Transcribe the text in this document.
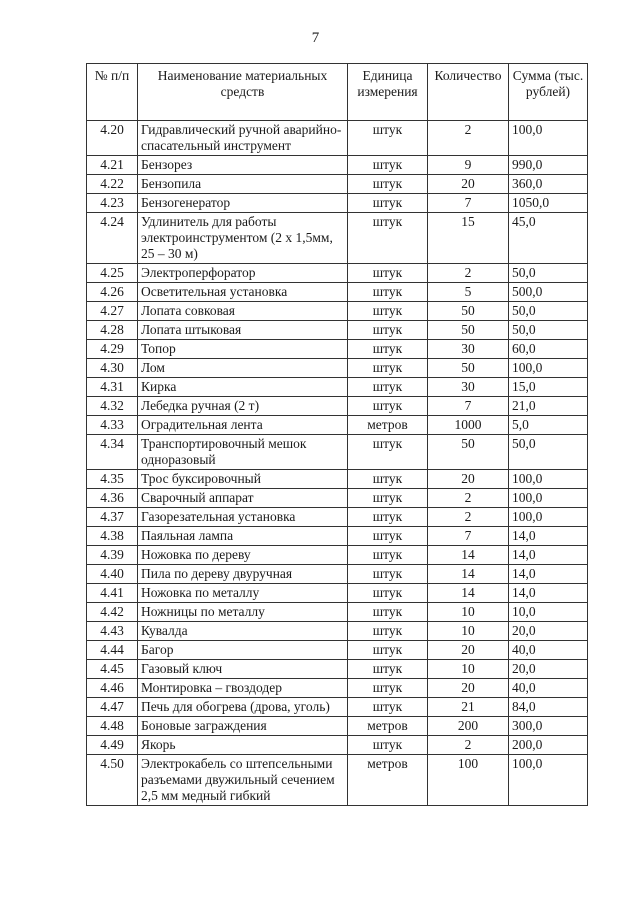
7
№ п/п	Наименование материальных средств	Единица измерения	Количество	Сумма (тыс. рублей)
4.20	Гидравлический ручной аварийно-спасательный инструмент	штук	2	100,0
4.21	Бензорез	штук	9	990,0
4.22	Бензопила	штук	20	360,0
4.23	Бензогенератор	штук	7	1050,0
4.24	Удлинитель для работы электроинструментом (2 х 1,5мм, 25 – 30 м)	штук	15	45,0
4.25	Электроперфоратор	штук	2	50,0
4.26	Осветительная установка	штук	5	500,0
4.27	Лопата совковая	штук	50	50,0
4.28	Лопата штыковая	штук	50	50,0
4.29	Топор	штук	30	60,0
4.30	Лом	штук	50	100,0
4.31	Кирка	штук	30	15,0
4.32	Лебедка ручная (2 т)	штук	7	21,0
4.33	Оградительная лента	метров	1000	5,0
4.34	Транспортировочный мешок одноразовый	штук	50	50,0
4.35	Трос буксировочный	штук	20	100,0
4.36	Сварочный аппарат	штук	2	100,0
4.37	Газорезательная установка	штук	2	100,0
4.38	Паяльная лампа	штук	7	14,0
4.39	Ножовка по дереву	штук	14	14,0
4.40	Пила по дереву двуручная	штук	14	14,0
4.41	Ножовка по металлу	штук	14	14,0
4.42	Ножницы по металлу	штук	10	10,0
4.43	Кувалда	штук	10	20,0
4.44	Багор	штук	20	40,0
4.45	Газовый ключ	штук	10	20,0
4.46	Монтировка – гвоздодер	штук	20	40,0
4.47	Печь для обогрева (дрова, уголь)	штук	21	84,0
4.48	Боновые заграждения	метров	200	300,0
4.49	Якорь	штук	2	200,0
4.50	Электрокабель со штепсельными разъемами двужильный сечением 2,5 мм медный гибкий	метров	100	100,0
